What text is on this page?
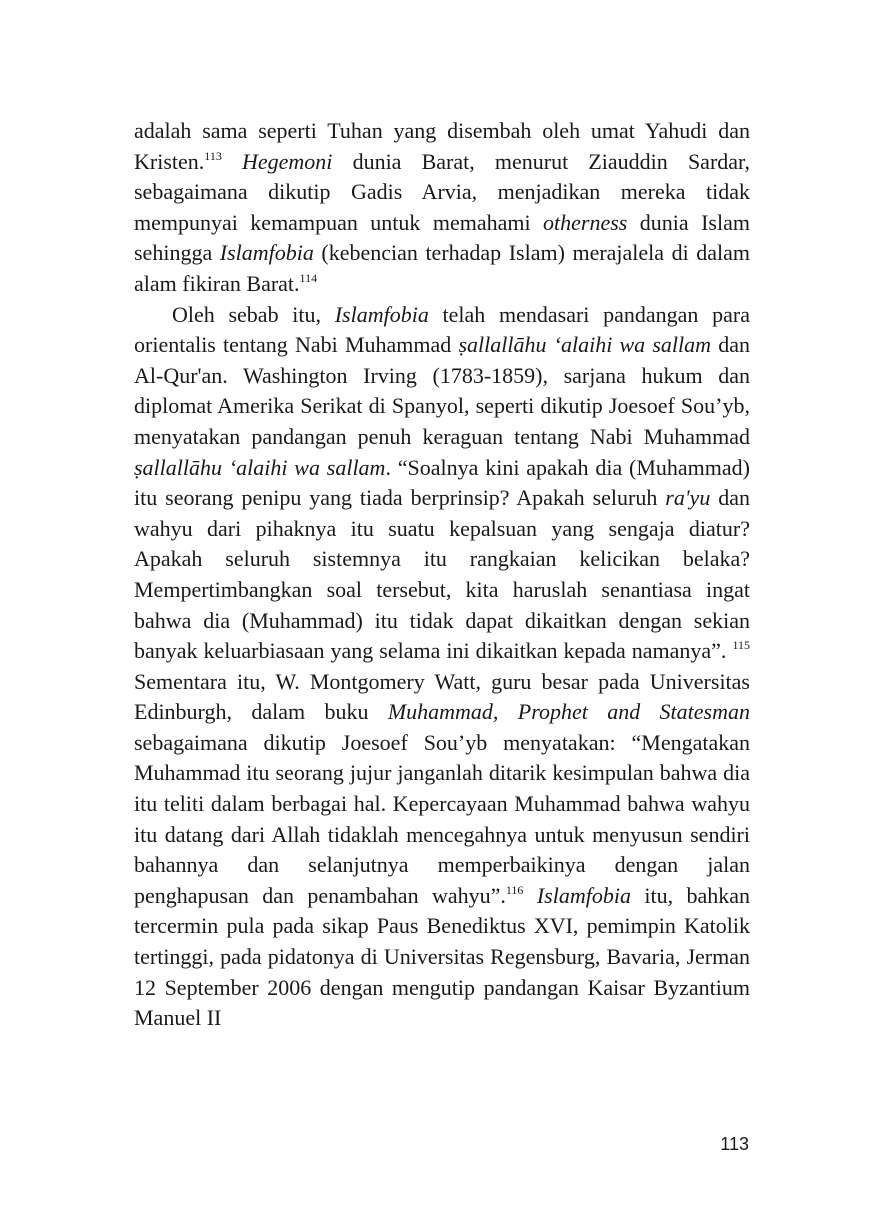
adalah sama seperti Tuhan yang disembah oleh umat Yahudi dan Kristen.$^{113}$ Hegemoni dunia Barat, menurut Ziauddin Sardar, sebagaimana dikutip Gadis Arvia, menjadikan mereka tidak mempunyai kemampuan untuk memahami otherness dunia Islam sehingga Islamfobia (kebencian terhadap Islam) merajalela di dalam alam fikiran Barat.$^{114}$

Oleh sebab itu, Islamfobia telah mendasari pandangan para orientalis tentang Nabi Muhammad ṣallallāhu ‘alaihi wa sallam dan Al-Qur'an. Washington Irving (1783-1859), sarjana hukum dan diplomat Amerika Serikat di Spanyol, seperti dikutip Joesoef Sou’yb, menyatakan pandangan penuh keraguan tentang Nabi Muhammad ṣallallāhu ‘alaihi wa sallam. “Soalnya kini apakah dia (Muhammad) itu seorang penipu yang tiada berprinsip? Apakah seluruh ra'yu dan wahyu dari pihaknya itu suatu kepalsuan yang sengaja diatur? Apakah seluruh sistemnya itu rangkaian kelicikan belaka? Mempertimbangkan soal tersebut, kita haruslah senantiasa ingat bahwa dia (Muhammad) itu tidak dapat dikaitkan dengan sekian banyak keluarbiasaan yang selama ini dikaitkan kepada namanya”. $^{115}$ Sementara itu, W. Montgomery Watt, guru besar pada Universitas Edinburgh, dalam buku Muhammad, Prophet and Statesman sebagaimana dikutip Joesoef Sou’yb menyatakan: “Mengatakan Muhammad itu seorang jujur janganlah ditarik kesimpulan bahwa dia itu teliti dalam berbagai hal. Kepercayaan Muhammad bahwa wahyu itu datang dari Allah tidaklah mencegahnya untuk menyusun sendiri bahannya dan selanjutnya memperbaikinya dengan jalan penghapusan dan penambahan wahyu”.$^{116}$ Islamfobia itu, bahkan tercermin pula pada sikap Paus Benediktus XVI, pemimpin Katolik tertinggi, pada pidatonya di Universitas Regensburg, Bavaria, Jerman 12 September 2006 dengan mengutip pandangan Kaisar Byzantium Manuel II

113
